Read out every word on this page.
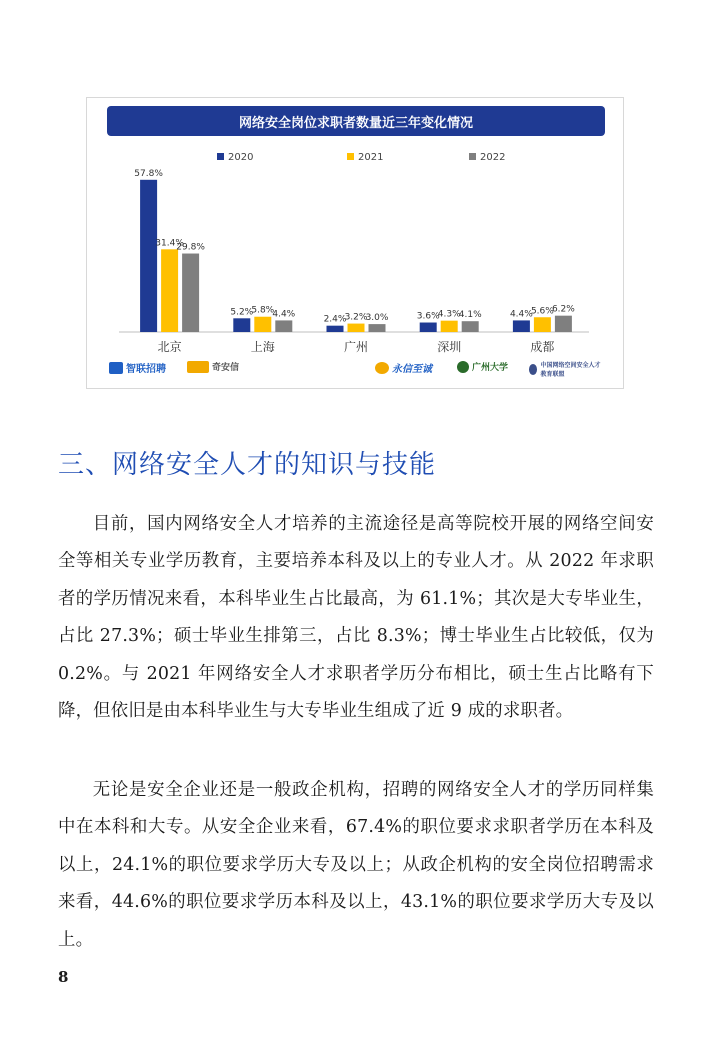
网络安全岗位求职者数量近三年变化情况
2020	2021	2022
57.8%
31.4%
29.8%
北京
5.2%
5.8%
4.4%
上海
2.4%
3.2%
3.0%
广州
3.6%
4.3%
4.1%
深圳
4.4%
5.6%
6.2%
成都
智联招聘	奇安信	永信至诚	广州大学	中国网络空间安全人才教育联盟
三、网络安全人才的知识与技能

目前，国内网络安全人才培养的主流途径是高等院校开展的网络空间安全等相关专业学历教育，主要培养本科及以上的专业人才。从 2022 年求职者的学历情况来看，本科毕业生占比最高，为 61.1%；其次是大专毕业生，占比 27.3%；硕士毕业生排第三，占比 8.3%；博士毕业生占比较低，仅为 0.2%。与 2021 年网络安全人才求职者学历分布相比，硕士生占比略有下降，但依旧是由本科毕业生与大专毕业生组成了近 9 成的求职者。

无论是安全企业还是一般政企机构，招聘的网络安全人才的学历同样集中在本科和大专。从安全企业来看，67.4%的职位要求求职者学历在本科及以上，24.1%的职位要求学历大专及以上；从政企机构的安全岗位招聘需求来看，44.6%的职位要求学历本科及以上，43.1%的职位要求学历大专及以上。

8
